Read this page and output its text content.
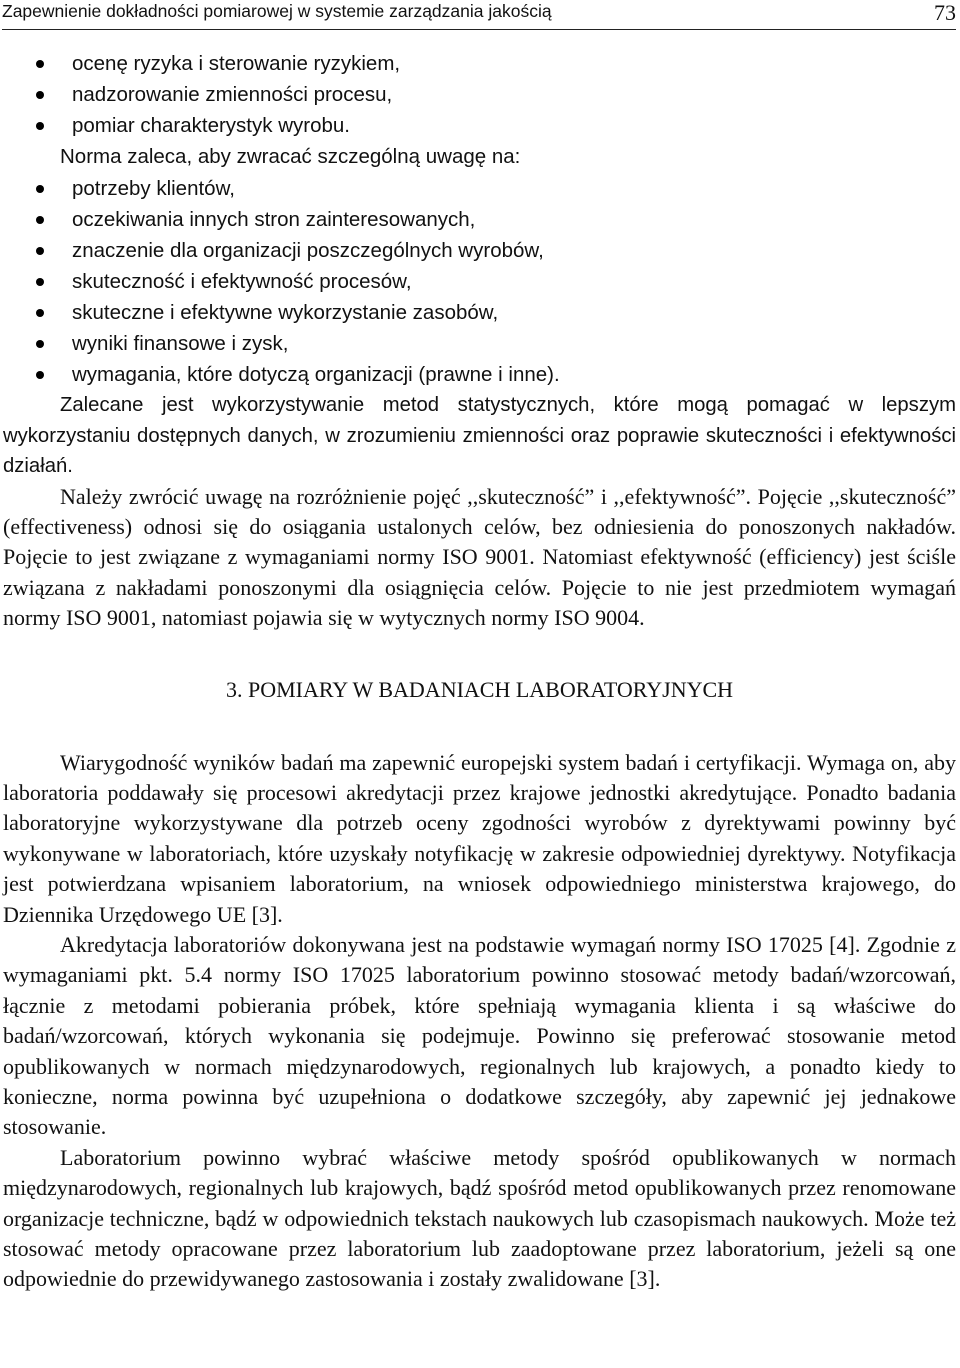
Zapewnienie dokładności pomiarowej w systemie zarządzania jakością	73
ocenę ryzyka i sterowanie ryzykiem,
nadzorowanie zmienności procesu,
pomiar charakterystyk wyrobu.
Norma zaleca, aby zwracać szczególną uwagę na:
potrzeby klientów,
oczekiwania innych stron zainteresowanych,
znaczenie dla organizacji poszczególnych wyrobów,
skuteczność i efektywność procesów,
skuteczne i efektywne wykorzystanie zasobów,
wyniki finansowe i zysk,
wymagania, które dotyczą organizacji (prawne i inne).

Zalecane jest wykorzystywanie metod statystycznych, które mogą pomagać w lepszym wykorzystaniu dostępnych danych, w zrozumieniu zmienności oraz poprawie skuteczności i efektywności działań.

Należy zwrócić uwagę na rozróżnienie pojęć ,,skuteczność” i ,,efektywność”. Pojęcie ,,skuteczność” (effectiveness) odnosi się do osiągania ustalonych celów, bez odniesienia do ponoszonych nakładów. Pojęcie to jest związane z wymaganiami normy ISO 9001. Natomiast efektywność (efficiency) jest ściśle związana z nakładami ponoszonymi dla osiągnięcia celów. Pojęcie to nie jest przedmiotem wymagań normy ISO 9001, natomiast pojawia się w wytycznych normy ISO 9004.

3. POMIARY W BADANIACH LABORATORYJNYCH

Wiarygodność wyników badań ma zapewnić europejski system badań i certyfikacji. Wymaga on, aby laboratoria poddawały się procesowi akredytacji przez krajowe jednostki akredytujące. Ponadto badania laboratoryjne wykorzystywane dla potrzeb oceny zgodności wyrobów z dyrektywami powinny być wykonywane w laboratoriach, które uzyskały notyfikację w zakresie odpowiedniej dyrektywy. Notyfikacja jest potwierdzana wpisaniem laboratorium, na wniosek odpowiedniego ministerstwa krajowego, do Dziennika Urzędowego UE [3].

Akredytacja laboratoriów dokonywana jest na podstawie wymagań normy ISO 17025 [4]. Zgodnie z wymaganiami pkt. 5.4 normy ISO 17025 laboratorium powinno stosować metody badań/wzorcowań, łącznie z metodami pobierania próbek, które spełniają wymagania klienta i są właściwe do badań/wzorcowań, których wykonania się podejmuje. Powinno się preferować stosowanie metod opublikowanych w normach międzynarodowych, regionalnych lub krajowych, a ponadto kiedy to konieczne, norma powinna być uzupełniona o dodatkowe szczegóły, aby zapewnić jej jednakowe stosowanie.

Laboratorium powinno wybrać właściwe metody spośród opublikowanych w normach międzynarodowych, regionalnych lub krajowych, bądź spośród metod opublikowanych przez renomowane organizacje techniczne, bądź w odpowiednich tekstach naukowych lub czasopismach naukowych. Może też stosować metody opracowane przez laboratorium lub zaadoptowane przez laboratorium, jeżeli są one odpowiednie do przewidywanego zastosowania i zostały zwalidowane [3].
